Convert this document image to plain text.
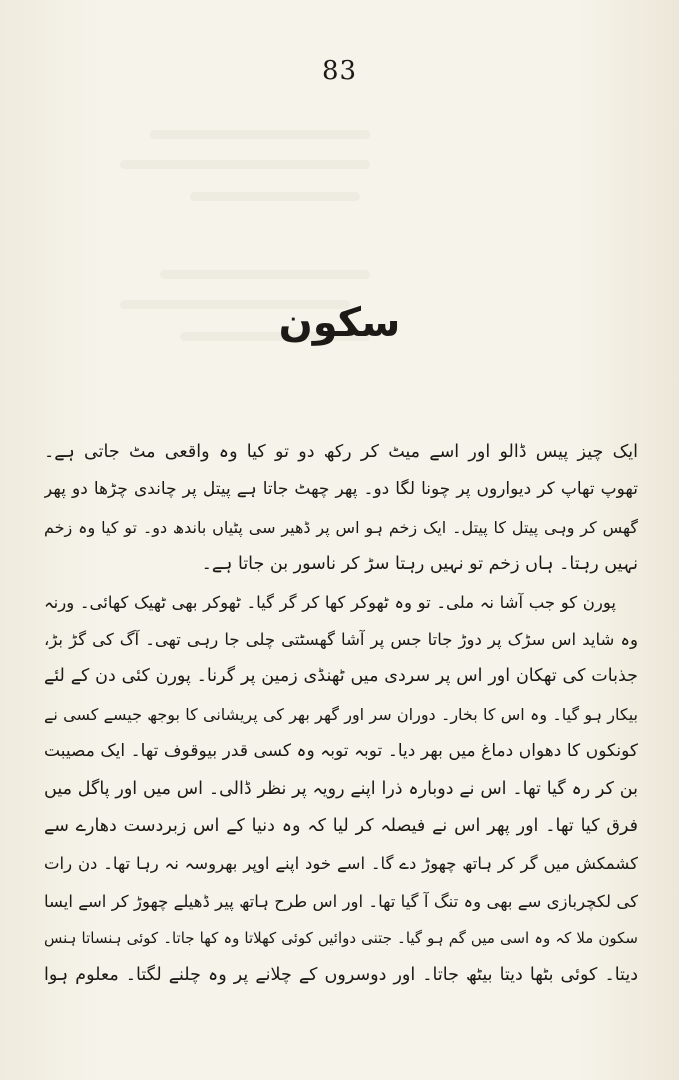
83
سکون
ایک چیز پیس ڈالو اور اسے میٹ کر رکھ دو تو کیا وہ واقعی مٹ جاتی ہے۔
تھوپ تھاپ کر دیواروں پر چونا لگا دو۔ پھر چھٹ جاتا ہے پیتل پر چاندی چڑھا دو پھر
گھس کر وہی پیتل کا پیتل۔ ایک زخم ہو اس پر ڈھیر سی پٹیاں باندھ دو۔ تو کیا وہ زخم
نہیں رہتا۔ ہاں زخم تو نہیں رہتا سڑ کر ناسور بن جاتا ہے۔
پورن کو جب آشا نہ ملی۔ تو وہ ٹھوکر کھا کر گر گیا۔ ٹھوکر بھی ٹھیک کھائی۔ ورنہ
وہ شاید اس سڑک پر دوڑ جاتا جس پر آشا گھسٹتی چلی جا رہی تھی۔ آگ کی گڑ بڑ،
جذبات کی تھکان اور اس پر سردی میں ٹھنڈی زمین پر گرنا۔ پورن کئی دن کے لئے
بیکار ہو گیا۔ وہ اس کا بخار۔ دوران سر اور گھر بھر کی پریشانی کا بوجھ جیسے کسی نے
کونکوں کا دھواں دماغ میں بھر دیا۔ توبہ توبہ وہ کسی قدر بیوقوف تھا۔ ایک مصیبت
بن کر رہ گیا تھا۔ اس نے دوبارہ ذرا اپنے رویہ پر نظر ڈالی۔ اس میں اور پاگل میں
فرق کیا تھا۔ اور پھر اس نے فیصلہ کر لیا کہ وہ دنیا کے اس زبردست دھارے سے
کشمکش میں گر کر ہاتھ چھوڑ دے گا۔ اسے خود اپنے اوپر بھروسہ نہ رہا تھا۔ دن رات
کی لکچربازی سے بھی وہ تنگ آ گیا تھا۔ اور اس طرح ہاتھ پیر ڈھیلے چھوڑ کر اسے ایسا
سکون ملا کہ وہ اسی میں گم ہو گیا۔ جتنی دوائیں کوئی کھلاتا وہ کھا جاتا۔ کوئی ہنساتا ہنس
دیتا۔ کوئی بٹھا دیتا بیٹھ جاتا۔ اور دوسروں کے چلانے پر وہ چلنے لگتا۔ معلوم ہوا
